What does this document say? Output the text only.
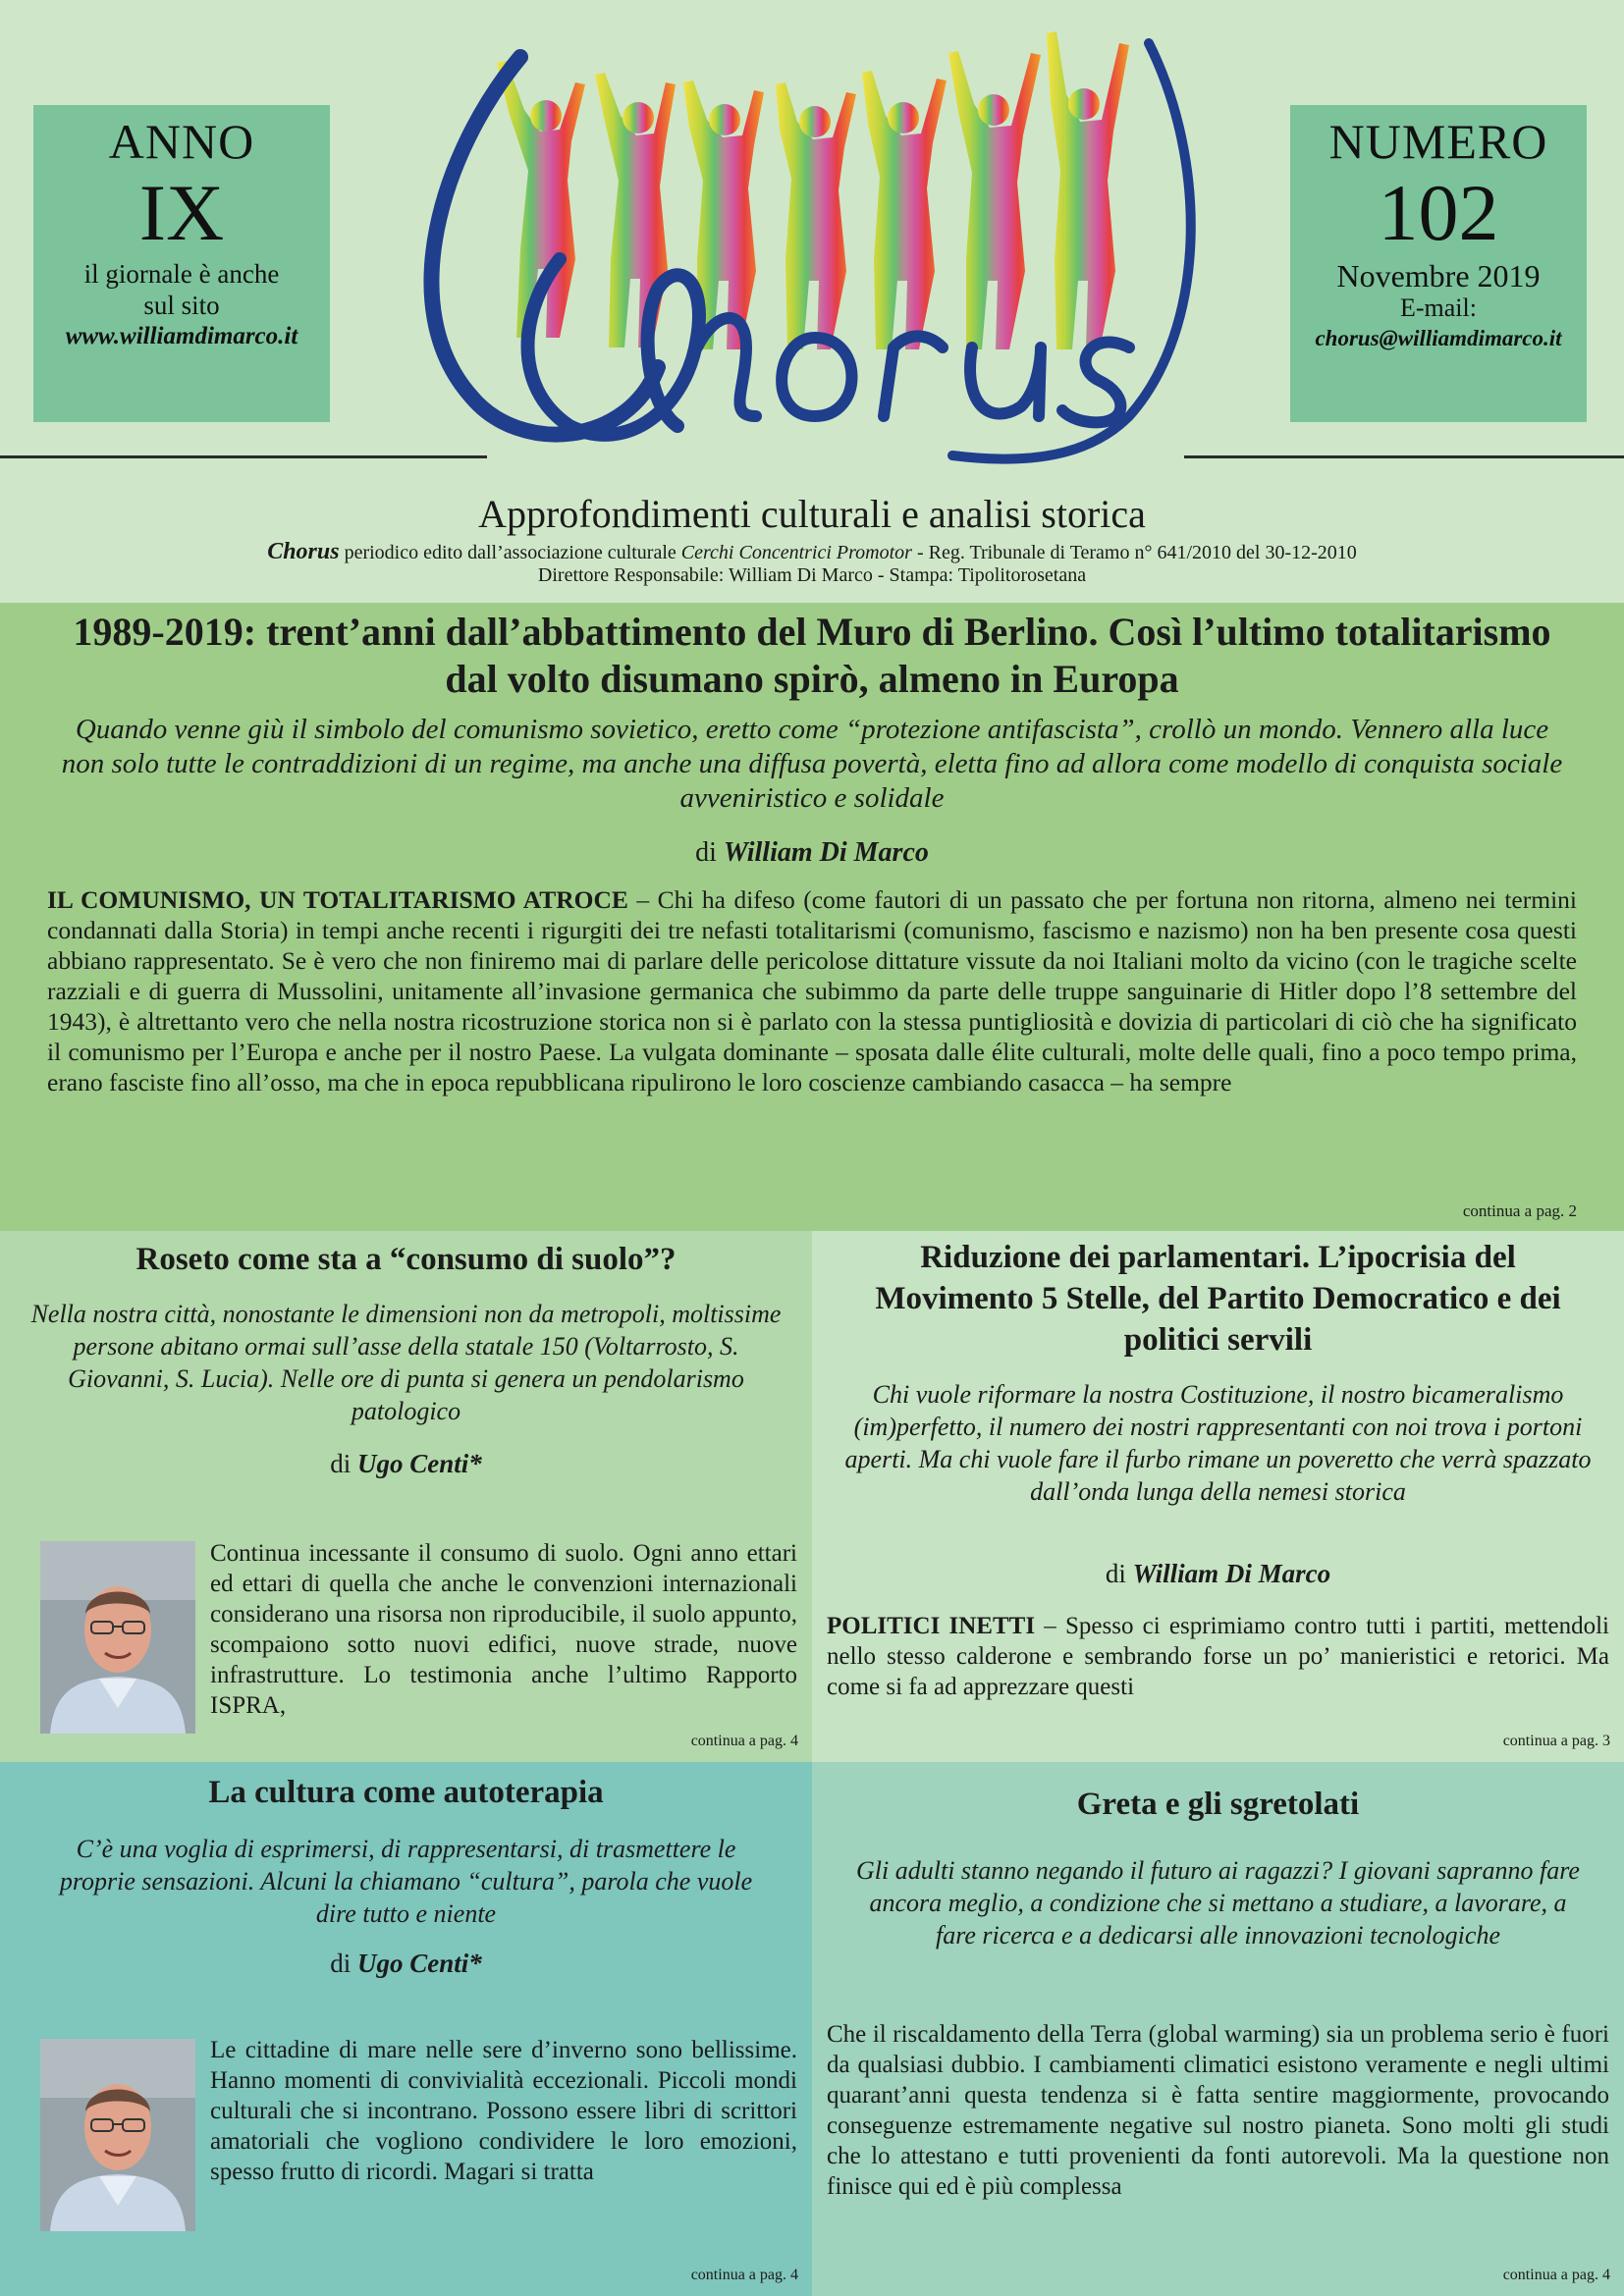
ANNO
IX
il giornale è anche
sul sito
www.williamdimarco.it
NUMERO
102
Novembre 2019
E-mail:
chorus@williamdimarco.it
Approfondimenti culturali e analisi storica
Chorus periodico edito dall’associazione culturale Cerchi Concentrici Promotor - Reg. Tribunale di Teramo n° 641/2010 del 30-12-2010
Direttore Responsabile: William Di Marco - Stampa: Tipolitorosetana
1989-2019: trent’anni dall’abbattimento del Muro di Berlino. Così l’ultimo totalitarismo dal volto disumano spirò, almeno in Europa

Quando venne giù il simbolo del comunismo sovietico, eretto come “protezione antifascista”, crollò un mondo. Vennero alla luce non solo tutte le contraddizioni di un regime, ma anche una diffusa povertà, eletta fino ad allora come modello di conquista sociale avveniristico e solidale

di William Di Marco

IL COMUNISMO, UN TOTALITARISMO ATROCE – Chi ha difeso (come fautori di un passato che per fortuna non ritorna, almeno nei termini condannati dalla Storia) in tempi anche recenti i rigurgiti dei tre nefasti totalitarismi (comunismo, fascismo e nazismo) non ha ben presente cosa questi abbiano rappresentato. Se è vero che non finiremo mai di parlare delle pericolose dittature vissute da noi Italiani molto da vicino (con le tragiche scelte razziali e di guerra di Mussolini, unitamente all’invasione germanica che subimmo da parte delle truppe sanguinarie di Hitler dopo l’8 settembre del 1943), è altrettanto vero che nella nostra ricostruzione storica non si è parlato con la stessa puntigliosità e dovizia di particolari di ciò che ha significato il comunismo per l’Europa e anche per il nostro Paese. La vulgata dominante – sposata dalle élite culturali, molte delle quali, fino a poco tempo prima, erano fasciste fino all’osso, ma che in epoca repubblicana ripulirono le loro coscienze cambiando casacca – ha sempre

continua a pag. 2
Roseto come sta a “consumo di suolo”?

Nella nostra città, nonostante le dimensioni non da metropoli, moltissime persone abitano ormai sull’asse della statale 150 (Voltarrosto, S. Giovanni, S. Lucia). Nelle ore di punta si genera un pendolarismo patologico

di Ugo Centi*

Continua incessante il consumo di suolo. Ogni anno ettari ed ettari di quella che anche le convenzioni internazionali considerano una risorsa non riproducibile, il suolo appunto, scompaiono sotto nuovi edifici, nuove strade, nuove infrastrutture. Lo testimonia anche l’ultimo Rapporto ISPRA,

continua a pag. 4
Riduzione dei parlamentari. L’ipocrisia del Movimento 5 Stelle, del Partito Democratico e dei politici servili

Chi vuole riformare la nostra Costituzione, il nostro bicameralismo (im)perfetto, il numero dei nostri rappresentanti con noi trova i portoni aperti. Ma chi vuole fare il furbo rimane un poveretto che verrà spazzato dall’onda lunga della nemesi storica

di William Di Marco

POLITICI INETTI – Spesso ci esprimiamo contro tutti i partiti, mettendoli nello stesso calderone e sembrando forse un po’ manieristici e retorici. Ma come si fa ad apprezzare questi

continua a pag. 3
La cultura come autoterapia

C’è una voglia di esprimersi, di rappresentarsi, di trasmettere le proprie sensazioni. Alcuni la chiamano “cultura”, parola che vuole dire tutto e niente

di Ugo Centi*

Le cittadine di mare nelle sere d’inverno sono bellissime. Hanno momenti di convivialità eccezionali. Piccoli mondi culturali che si incontrano. Possono essere libri di scrittori amatoriali che vogliono condividere le loro emozioni, spesso frutto di ricordi. Magari si tratta

continua a pag. 4
Greta e gli sgretolati

Gli adulti stanno negando il futuro ai ragazzi? I giovani sapranno fare ancora meglio, a condizione che si mettano a studiare, a lavorare, a fare ricerca e a dedicarsi alle innovazioni tecnologiche

Che il riscaldamento della Terra (global warming) sia un problema serio è fuori da qualsiasi dubbio. I cambiamenti climatici esistono veramente e negli ultimi quarant’anni questa tendenza si è fatta sentire maggiormente, provocando conseguenze estremamente negative sul nostro pianeta. Sono molti gli studi che lo attestano e tutti provenienti da fonti autorevoli. Ma la questione non finisce qui ed è più complessa

continua a pag. 4
